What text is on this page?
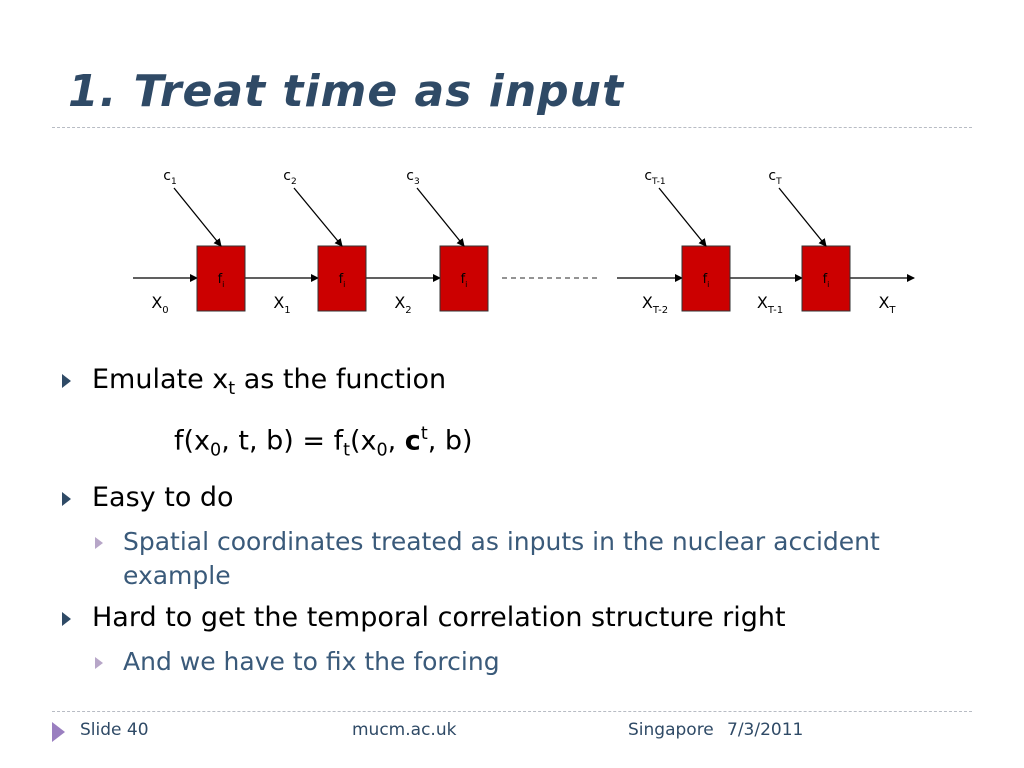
1. Treat time as input
$f_i$	$f_i$	$f_i$	$f_i$	$f_i$
$c_1$	$c_2$	$c_3$	$c_{T-1}$	$c_T$
$X_0$	$X_1$	$X_2$	$X_{T-2}$	$X_{T-1}$	$X_T$
Emulate $x_t$ as the function
$f(x_0$, t, $b) = f_t(x_0$, $c^t$, b)
Easy to do
Spatial coordinates treated as inputs in the nuclear accident example
Hard to get the temporal correlation structure right
And we have to fix the forcing
Slide 40	mucm.ac.uk	Singapore 7/3/2011
